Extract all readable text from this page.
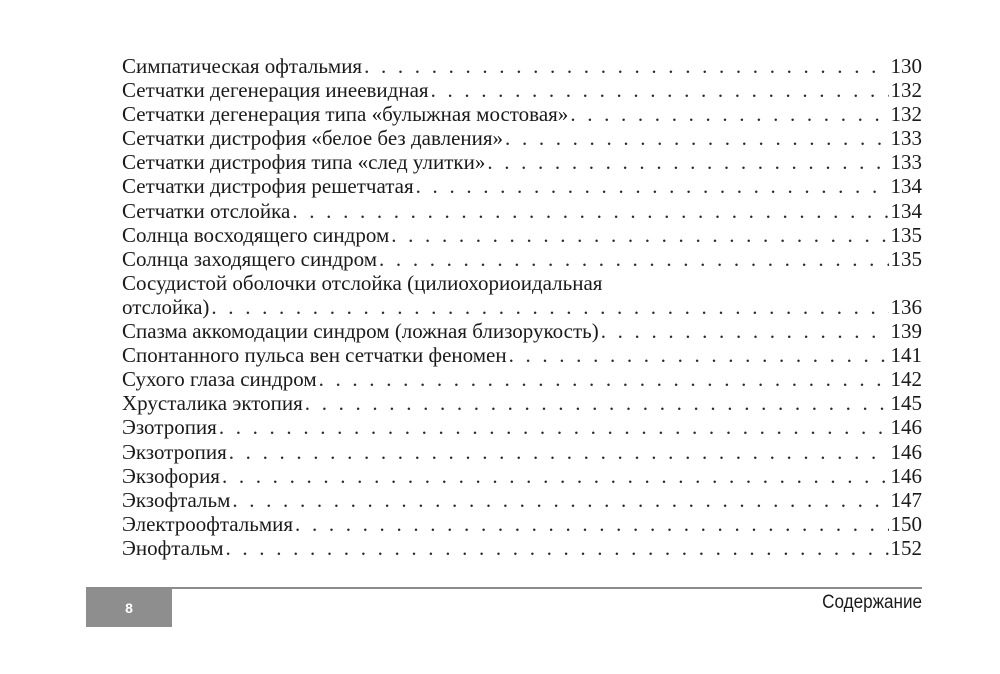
Симпатическая офтальмия . . .	130
Сетчатки дегенерация инеевидная . . .	132
Сетчатки дегенерация типа «булыжная мостовая» . . .	132
Сетчатки дистрофия «белое без давления» . . .	133
Сетчатки дистрофия типа «след улитки» . . .	133
Сетчатки дистрофия решетчатая . . .	134
Сетчатки отслойка . . .	134
Солнца восходящего синдром . . .	135
Солнца заходящего синдром . . .	135
Сосудистой оболочки отслойка (цилиохориоидальная
отслойка) . . .	136
Спазма аккомодации синдром (ложная близорукость) . . .	139
Спонтанного пульса вен сетчатки феномен . . .	141
Сухого глаза синдром . . .	142
Хрусталика эктопия . . .	145
Эзотропия . . .	146
Экзотропия . . .	146
Экзофория . . .	146
Экзофтальм . . .	147
Электроофтальмия . . .	150
Энофтальм . . .	152
8	Содержание
